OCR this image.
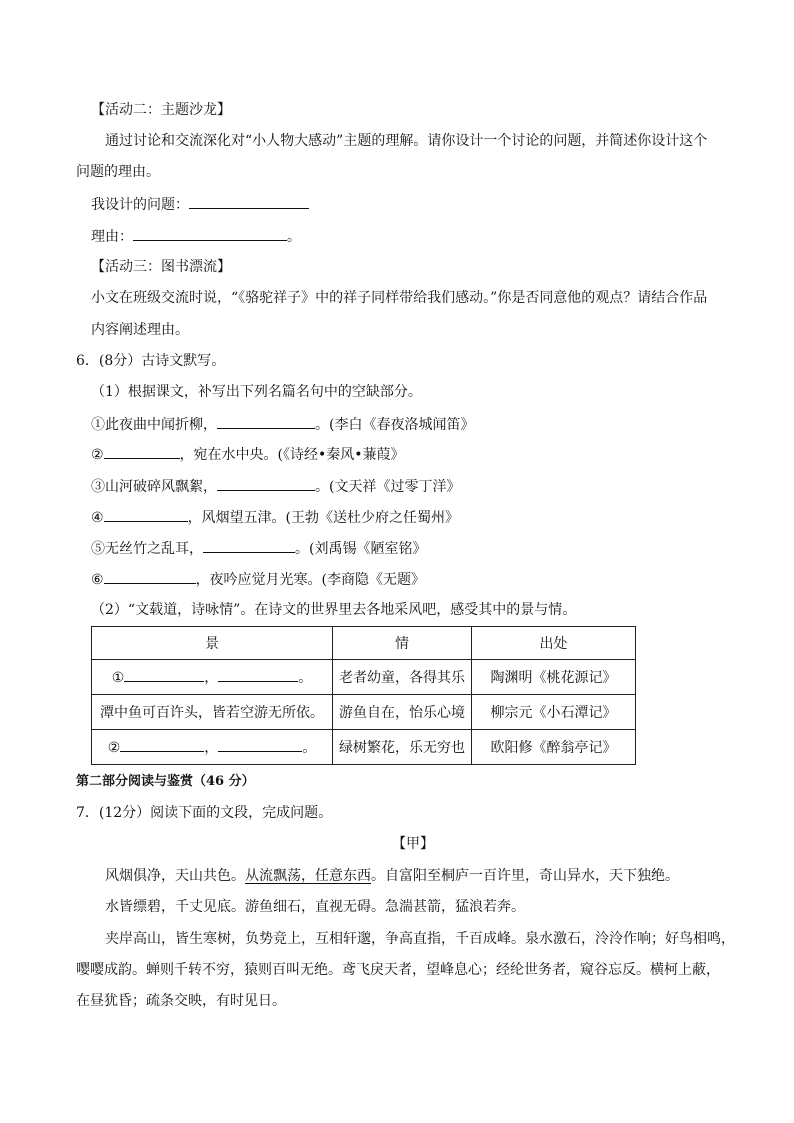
【活动二：主题沙龙】
通过讨论和交流深化对“小人物大感动”主题的理解。请你设计一个讨论的问题，并简述你设计这个
问题的理由。
我设计的问题：
理由：	。
【活动三：图书漂流】
小文在班级交流时说，“《骆驼祥子》中的祥子同样带给我们感动。”你是否同意他的观点？请结合作品
内容阐述理由。
6．(8分）古诗文默写。
（1）根据课文，补写出下列名篇名句中的空缺部分。
①此夜曲中闻折柳，	。(李白《春夜洛城闻笛》
②	，宛在水中央。(《诗经•秦风•蒹葭》
③山河破碎风飘絮，	。(文天祥《过零丁洋》
④	，风烟望五津。(王勃《送杜少府之任蜀州》
⑤无丝竹之乱耳，	。(刘禹锡《陋室铭》
⑥	，夜吟应觉月光寒。(李商隐《无题》
（2）“文载道，诗咏情”。在诗文的世界里去各地采风吧，感受其中的景与情。
景	情	出处
① ， 。	老者幼童，各得其乐	陶渊明《桃花源记》
潭中鱼可百许头，皆若空游无所依。	游鱼自在，怡乐心境	柳宗元《小石潭记》
② ， 。	绿树繁花，乐无穷也	欧阳修《醉翁亭记》
第二部分阅读与鉴赏（46 分）
7．(12分）阅读下面的文段，完成问题。
【甲】
风烟俱净，天山共色。从流飘荡，任意东西。自富阳至桐庐一百许里，奇山异水，天下独绝。
水皆缥碧，千丈见底。游鱼细石，直视无碍。急湍甚箭，猛浪若奔。
夹岸高山，皆生寒树，负势竞上，互相轩邈，争高直指，千百成峰。泉水激石，泠泠作响；好鸟相鸣，
嘤嘤成韵。蝉则千转不穷，猿则百叫无绝。鸢飞戾天者，望峰息心；经纶世务者，窥谷忘反。横柯上蔽，
在昼犹昏；疏条交映，有时见日。
